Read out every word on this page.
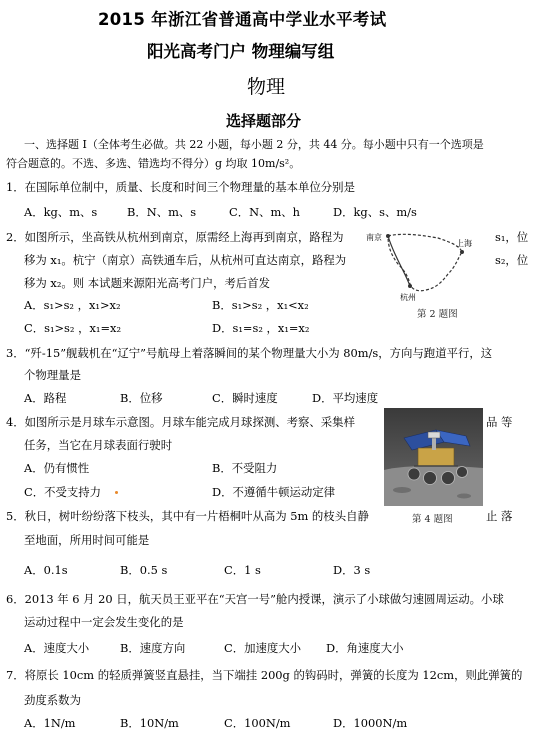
2015 年浙江省普通高中学业水平考试
阳光高考门户 物理编写组
物理
选择题部分
一、选择题 I（全体考生必做。共 22 小题，每小题 2 分，共 44 分。每小题中只有一个选项是
符合题意的。不选、多选、错选均不得分）g 均取 10m/s²。
1．在国际单位制中，质量、长度和时间三个物理量的基本单位分别是
A．kg、m、s	B．N、m、s	C．N、m、h	D．kg、s、m/s
2．如图所示，坐高铁从杭州到南京，原需经上海再到南京，路程为	s₁，位
移为 x₁。杭宁（南京）高铁通车后，从杭州可直达南京，路程为	s₂，位
移为 x₂。则 本试题来源阳光高考门户，考后首发
A．s₁>s₂ ，x₁>x₂	B．s₁>s₂ ，x₁<x₂
C．s₁>s₂ ，x₁=x₂	D．s₁=s₂ ，x₁=x₂
南京
上海
杭州
第 2 题图
3．“歼-15”舰载机在“辽宁”号航母上着落瞬间的某个物理量大小为 80m/s，方向与跑道平行，这
个物理量是
A．路程	B．位移	C．瞬时速度	D．平均速度
4．如图所示是月球车示意图。月球车能完成月球探测、考察、采集样	品 等
任务，当它在月球表面行驶时
A．仍有惯性	B．不受阻力
C．不受支持力	D．不遵循牛顿运动定律
第 4 题图
5．秋日，树叶纷纷落下枝头，其中有一片梧桐叶从高为 5m 的枝头自静	止 落
至地面，所用时间可能是
A．0.1s	B．0.5 s	C．1 s	D．3 s
6．2013 年 6 月 20 日，航天员王亚平在“天宫一号”舱内授课，演示了小球做匀速圆周运动。小球
运动过程中一定会发生变化的是
A．速度大小	B．速度方向	C．加速度大小 D．角速度大小
7．将原长 10cm 的轻质弹簧竖直悬挂，当下端挂 200g 的钩码时，弹簧的长度为 12cm，则此弹簧的
劲度系数为
A．1N/m	B．10N/m	C．100N/m	D．1000N/m
